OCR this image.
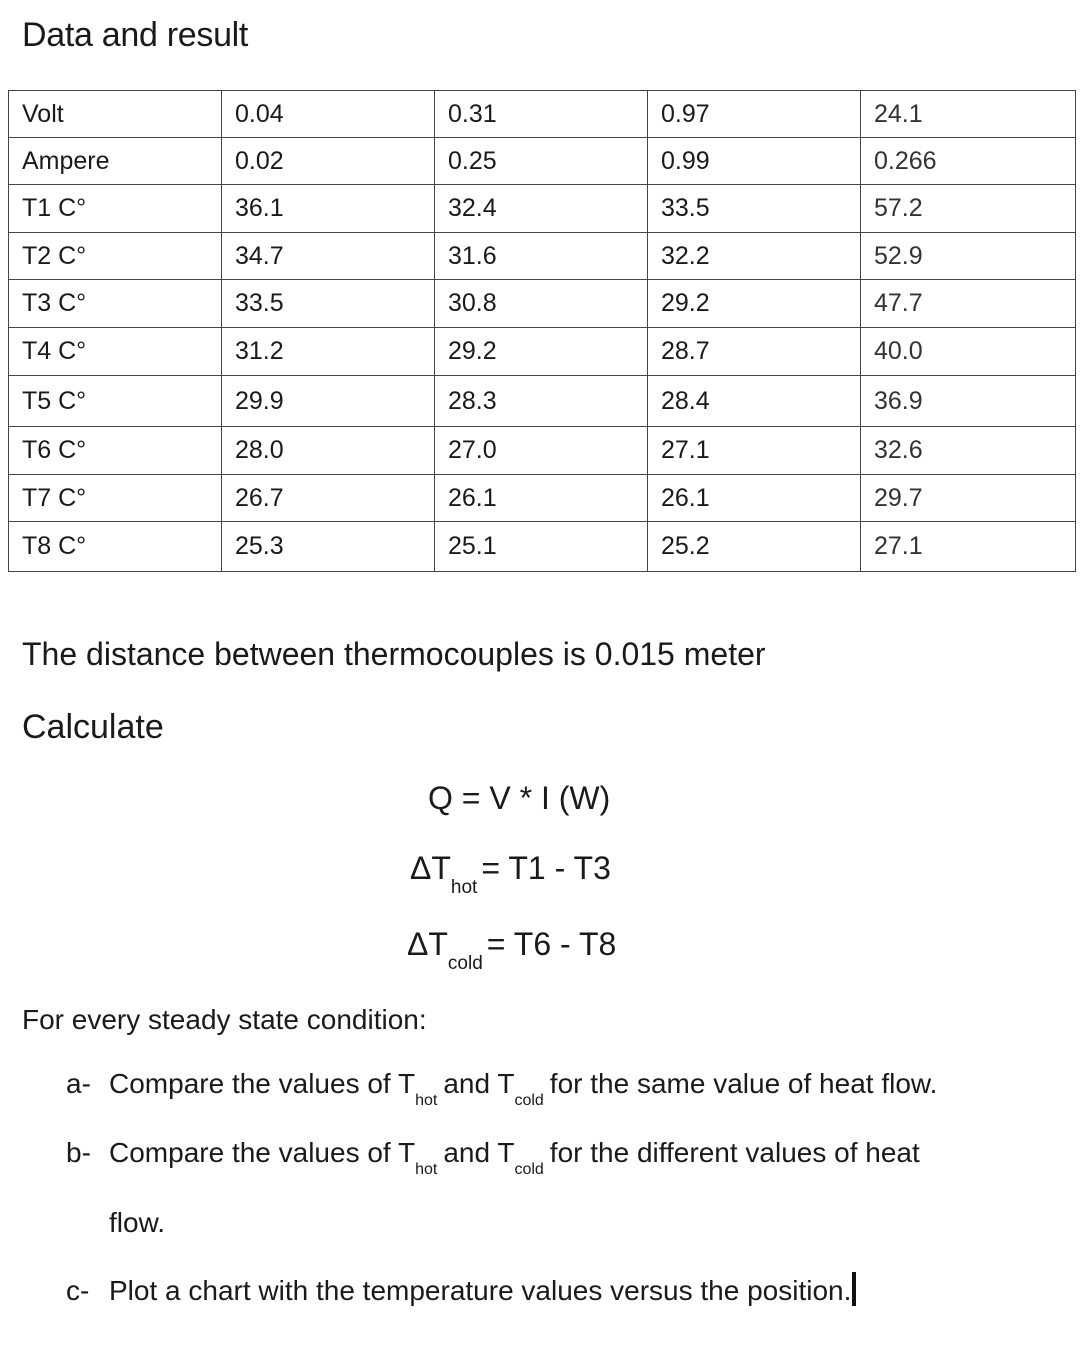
Data and result
Volt	0.04	0.31	0.97	24.1
Ampere	0.02	0.25	0.99	0.266
T1 C°	36.1	32.4	33.5	57.2
T2 C°	34.7	31.6	32.2	52.9
T3 C°	33.5	30.8	29.2	47.7
T4 C°	31.2	29.2	28.7	40.0
T5 C°	29.9	28.3	28.4	36.9
T6 C°	28.0	27.0	27.1	32.6
T7 C°	26.7	26.1	26.1	29.7
T8 C°	25.3	25.1	25.2	27.1
The distance between thermocouples is 0.015 meter
Calculate
Q = V * I (W)
$\Delta T_{hot}= T1 - T3$
$\Delta T_{cold}= T6 - T8$
For every steady state condition:
a- Compare the values of $T_{hot}and$ $T_{cold}for$ the same value of heat flow.
b- Compare the values of $T_{hot}and$ $T_{cold}for$ the different values of heat
flow.
c- Plot a chart with the temperature values versus the position.
